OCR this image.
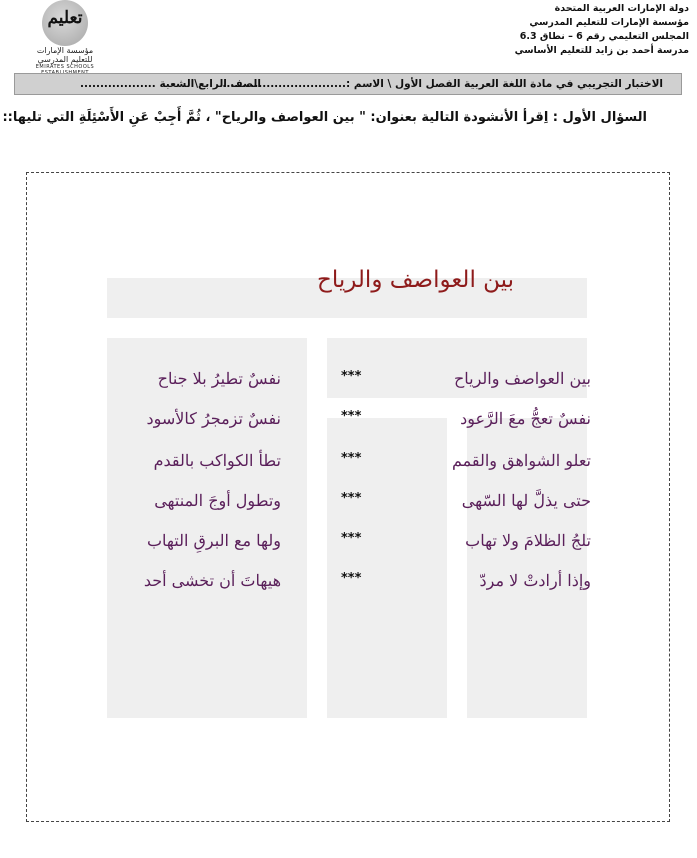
دولة الإمارات العربية المتحدة
مؤسسة الإمارات للتعليم المدرسي
المجلس التعليمي رقم 6 – نطاق 6.3
مدرسة أحمد بن زايد للتعليم الأساسي
تعليم
مؤسسة الإمارات للتعليم المدرسي
EMIRATES SCHOOLS
الاختبار التجريبي في مادة اللغة العربية الفصل الأول \ الاسم :...............................
الصف الرابع\الشعبة ...................
السؤال الأول : اِقرأ الأنشودة التالية بعنوان: " بين العواصف والرياح" ، ثُمَّ أَجِبْ عَنِ الأَسْئِلَةِ التي تليها::
بين العواصف والرياح
بين العواصف والرياح
***
نفسٌ تطيرُ بلا جناح
نفسٌ تعجُّ معَ الرَّعود
***
نفسٌ تزمجرُ كالأسود
تعلو الشواهق والقمم
***
تطأ الكواكب بالقدم
حتى يذلَّ لها السّهى
***
وتطول أوجَ المنتهى
تلجُ الظلامَ ولا تهاب
***
ولها مع البرقِ التهاب
وإذا أرادتْ لا مردّ
***
هيهاتَ أن تخشى أحد
